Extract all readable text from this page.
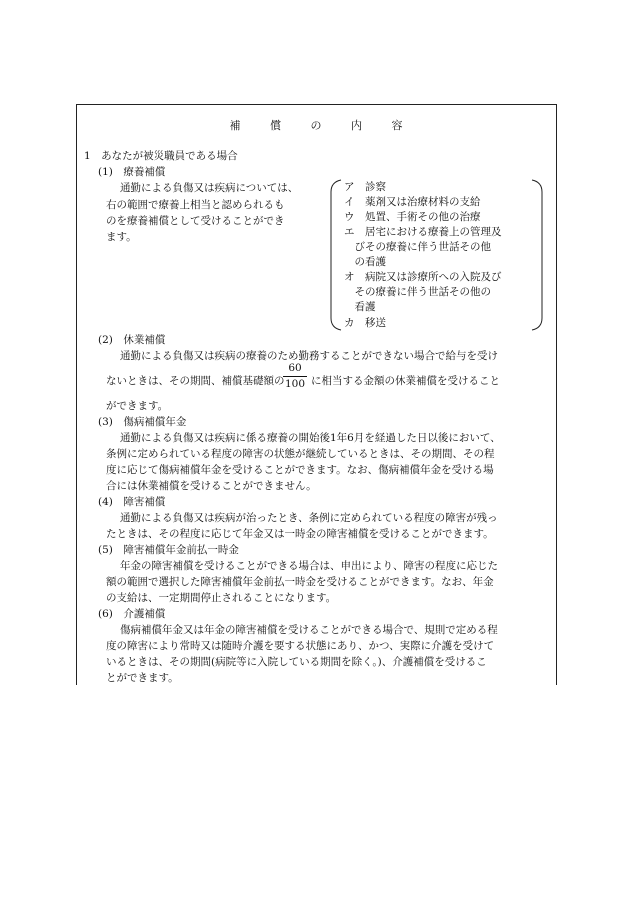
補	償	の	内	容
1　あなたが被災職員である場合
(1)　療養補償
通勤による負傷又は疾病については、
右の範囲で療養上相当と認められるも
のを療養補償として受けることができ
ます。
ア　診察
イ　薬剤又は治療材料の支給
ウ　処置、手術その他の治療
エ　居宅における療養上の管理及
　びその療養に伴う世話その他
　の看護
オ　病院又は診療所への入院及び
　その療養に伴う世話その他の
　看護
カ　移送
(2)　休業補償
通勤による負傷又は疾病の療養のため勤務することができない場合で給与を受け
ないときは、その期間、補償基礎額の
60
100 に相当する金額の休業補償を受けること
ができます。
(3)　傷病補償年金
通勤による負傷又は疾病に係る療養の開始後1年6月を経過した日以後において、
条例に定められている程度の障害の状態が継続しているときは、その期間、その程
度に応じて傷病補償年金を受けることができます。なお、傷病補償年金を受ける場
合には休業補償を受けることができません。
(4)　障害補償
通勤による負傷又は疾病が治ったとき、条例に定められている程度の障害が残っ
たときは、その程度に応じて年金又は一時金の障害補償を受けることができます。
(5)　障害補償年金前払一時金
年金の障害補償を受けることができる場合は、申出により、障害の程度に応じた
額の範囲で選択した障害補償年金前払一時金を受けることができます。なお、年金
の支給は、一定期間停止されることになります。
(6)　介護補償
傷病補償年金又は年金の障害補償を受けることができる場合で、規則で定める程
度の障害により常時又は随時介護を要する状態にあり、かつ、実際に介護を受けて
いるときは、その期間(病院等に入院している期間を除く。)、介護補償を受けるこ
とができます。
